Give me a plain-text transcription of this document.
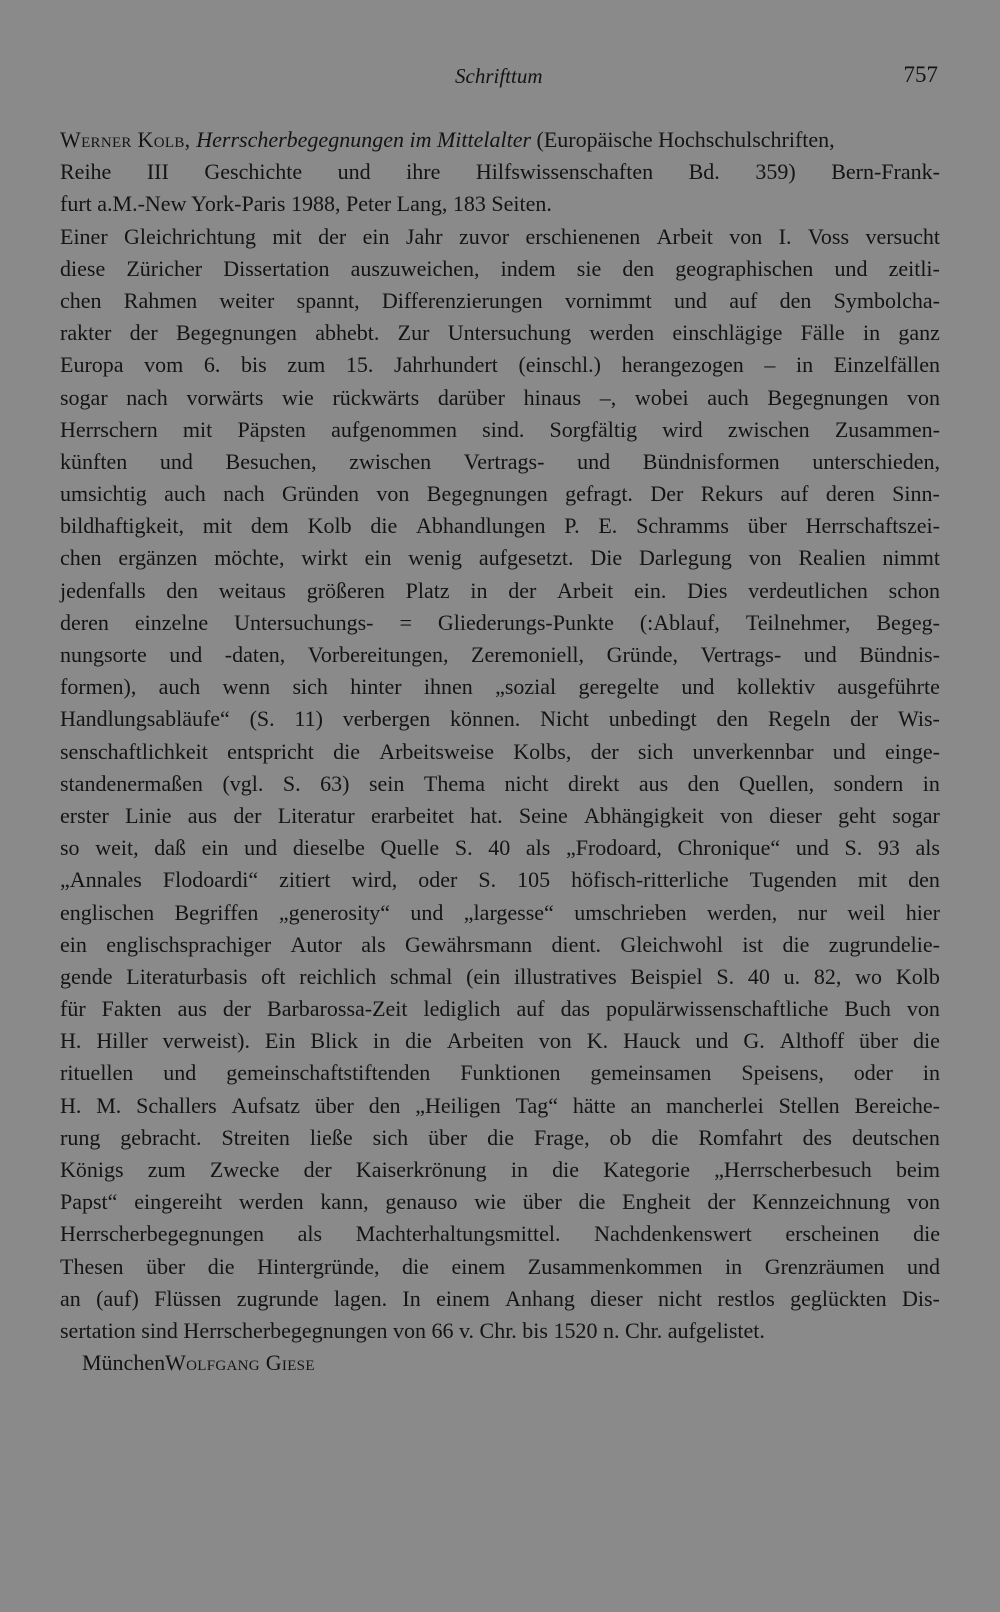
Schrifttum	757
Werner Kolb, Herrscherbegegnungen im Mittelalter (Europäische Hochschulschriften,
Reihe III Geschichte und ihre Hilfswissenschaften Bd. 359) Bern-Frank-
furt a.M.-New York-Paris 1988, Peter Lang, 183 Seiten.
Einer Gleichrichtung mit der ein Jahr zuvor erschienenen Arbeit von I. Voss versucht
diese Züricher Dissertation auszuweichen, indem sie den geographischen und zeitli-
chen Rahmen weiter spannt, Differenzierungen vornimmt und auf den Symbolcha-
rakter der Begegnungen abhebt. Zur Untersuchung werden einschlägige Fälle in ganz
Europa vom 6. bis zum 15. Jahrhundert (einschl.) herangezogen – in Einzelfällen
sogar nach vorwärts wie rückwärts darüber hinaus –, wobei auch Begegnungen von
Herrschern mit Päpsten aufgenommen sind. Sorgfältig wird zwischen Zusammen-
künften und Besuchen, zwischen Vertrags- und Bündnisformen unterschieden,
umsichtig auch nach Gründen von Begegnungen gefragt. Der Rekurs auf deren Sinn-
bildhaftigkeit, mit dem Kolb die Abhandlungen P. E. Schramms über Herrschaftszei-
chen ergänzen möchte, wirkt ein wenig aufgesetzt. Die Darlegung von Realien nimmt
jedenfalls den weitaus größeren Platz in der Arbeit ein. Dies verdeutlichen schon
deren einzelne Untersuchungs- = Gliederungs-Punkte (:Ablauf, Teilnehmer, Begeg-
nungsorte und -daten, Vorbereitungen, Zeremoniell, Gründe, Vertrags- und Bündnis-
formen), auch wenn sich hinter ihnen „sozial geregelte und kollektiv ausgeführte
Handlungsabläufe“ (S. 11) verbergen können. Nicht unbedingt den Regeln der Wis-
senschaftlichkeit entspricht die Arbeitsweise Kolbs, der sich unverkennbar und einge-
standenermaßen (vgl. S. 63) sein Thema nicht direkt aus den Quellen, sondern in
erster Linie aus der Literatur erarbeitet hat. Seine Abhängigkeit von dieser geht sogar
so weit, daß ein und dieselbe Quelle S. 40 als „Frodoard, Chronique“ und S. 93 als
„Annales Flodoardi“ zitiert wird, oder S. 105 höfisch-ritterliche Tugenden mit den
englischen Begriffen „generosity“ und „largesse“ umschrieben werden, nur weil hier
ein englischsprachiger Autor als Gewährsmann dient. Gleichwohl ist die zugrundelie-
gende Literaturbasis oft reichlich schmal (ein illustratives Beispiel S. 40 u. 82, wo Kolb
für Fakten aus der Barbarossa-Zeit lediglich auf das populärwissenschaftliche Buch von
H. Hiller verweist). Ein Blick in die Arbeiten von K. Hauck und G. Althoff über die
rituellen und gemeinschaftstiftenden Funktionen gemeinsamen Speisens, oder in
H. M. Schallers Aufsatz über den „Heiligen Tag“ hätte an mancherlei Stellen Bereiche-
rung gebracht. Streiten ließe sich über die Frage, ob die Romfahrt des deutschen
Königs zum Zwecke der Kaiserkrönung in die Kategorie „Herrscherbesuch beim
Papst“ eingereiht werden kann, genauso wie über die Engheit der Kennzeichnung von
Herrscherbegegnungen als Machterhaltungsmittel. Nachdenkenswert erscheinen die
Thesen über die Hintergründe, die einem Zusammenkommen in Grenzräumen und
an (auf) Flüssen zugrunde lagen. In einem Anhang dieser nicht restlos geglückten Dis-
sertation sind Herrscherbegegnungen von 66 v. Chr. bis 1520 n. Chr. aufgelistet.
MünchenWolfgang Giese
